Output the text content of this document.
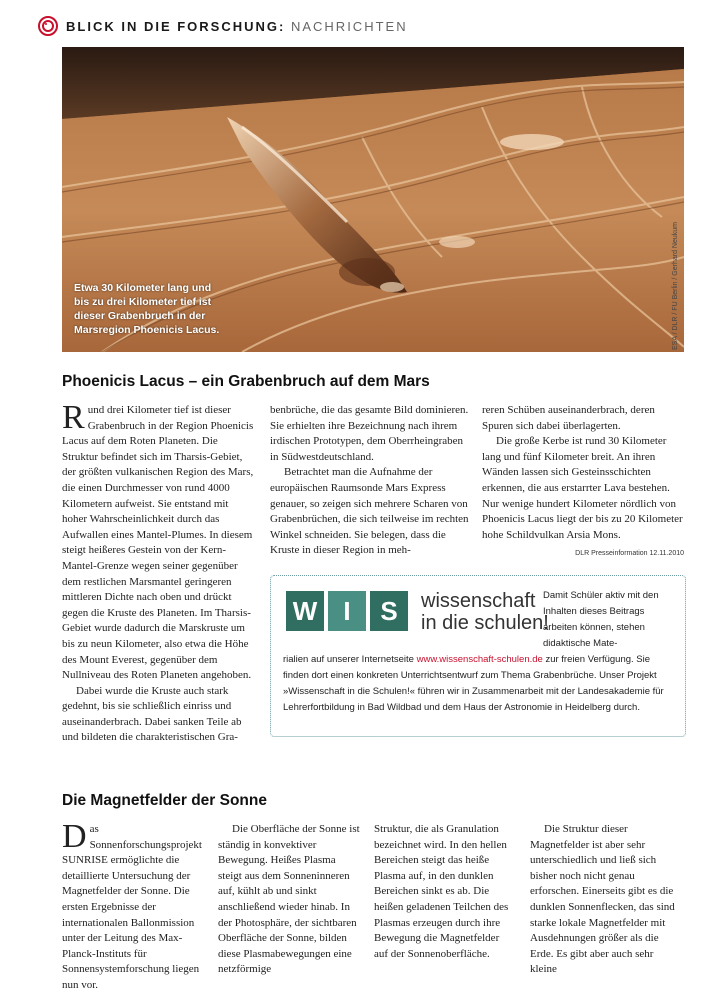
BLICK IN DIE FORSCHUNG: NACHRICHTEN
Etwa 30 Kilometer lang und bis zu drei Kilometer tief ist dieser Grabenbruch in der Marsregion Phoenicis Lacus.	ESA / DLR / FU Berlin / Gerhard Neukum
Phoenicis Lacus – ein Grabenbruch auf dem Mars

Rund drei Kilometer tief ist dieser Grabenbruch in der Region Phoenicis Lacus auf dem Roten Planeten. Die Struktur befindet sich im Tharsis-Gebiet, der größten vulkanischen Region des Mars, die einen Durchmesser von rund 4000 Kilometern aufweist. Sie entstand mit hoher Wahrscheinlichkeit durch das Aufwallen eines Mantel-Plumes. In diesem steigt heißeres Gestein von der Kern-Mantel-Grenze wegen seiner gegenüber dem restlichen Marsmantel geringeren mittleren Dichte nach oben und drückt gegen die Kruste des Planeten. Im Tharsis-Gebiet wurde dadurch die Marskruste um bis zu neun Kilometer, also etwa die Höhe des Mount Everest, gegenüber dem Nullniveau des Roten Planeten angehoben.

Dabei wurde die Kruste auch stark gedehnt, bis sie schließlich einriss und auseinanderbrach. Dabei sanken Teile ab und bildeten die charakteristischen Gra-

benbrüche, die das gesamte Bild dominieren. Sie erhielten ihre Bezeichnung nach ihrem irdischen Prototypen, dem Oberrheingraben in Südwestdeutschland.

Betrachtet man die Aufnahme der europäischen Raumsonde Mars Express genauer, so zeigen sich mehrere Scharen von Grabenbrüchen, die sich teilweise im rechten Winkel schneiden. Sie belegen, dass die Kruste in dieser Region in meh-

reren Schüben auseinanderbrach, deren Spuren sich dabei überlagerten.

Die große Kerbe ist rund 30 Kilometer lang und fünf Kilometer breit. An ihren Wänden lassen sich Gesteinsschichten erkennen, die aus erstarrter Lava bestehen. Nur wenige hundert Kilometer nördlich von Phoenicis Lacus liegt der bis zu 20 Kilometer hohe Schildvulkan Arsia Mons.

DLR Presseinformation 12.11.2010

W	I	S	wissenschaft
in die schulen!
Damit Schüler aktiv mit den Inhalten dieses Beitrags arbeiten können, stehen didaktische Mate-
rialien auf unserer Internetseite www.wissenschaft-schulen.de zur freien Verfügung. Sie finden dort einen konkreten Unterrichtsentwurf zum Thema Grabenbrüche. Unser Projekt »Wissenschaft in die Schulen!« führen wir in Zusammenarbeit mit der Landesakademie für Lehrerfortbildung in Bad Wildbad und dem Haus der Astronomie in Heidelberg durch.
Die Magnetfelder der Sonne

Das Sonnenforschungsprojekt SUNRISE ermöglichte die detaillierte Untersuchung der Magnetfelder der Sonne. Die ersten Ergebnisse der internationalen Ballonmission unter der Leitung des Max-Planck-Instituts für Sonnensystemforschung liegen nun vor.

Die Oberfläche der Sonne ist ständig in konvektiver Bewegung. Heißes Plasma steigt aus dem Sonneninneren auf, kühlt ab und sinkt anschließend wieder hinab. In der Photosphäre, der sichtbaren Oberfläche der Sonne, bilden diese Plasmabewegungen eine netzförmige

Struktur, die als Granulation bezeichnet wird. In den hellen Bereichen steigt das heiße Plasma auf, in den dunklen Bereichen sinkt es ab. Die heißen geladenen Teilchen des Plasmas erzeugen durch ihre Bewegung die Magnetfelder auf der Sonnenoberfläche.

Die Struktur dieser Magnetfelder ist aber sehr unterschiedlich und ließ sich bisher noch nicht genau erforschen. Einerseits gibt es die dunklen Sonnenflecken, das sind starke lokale Magnetfelder mit Ausdehnungen größer als die Erde. Es gibt aber auch sehr kleine
